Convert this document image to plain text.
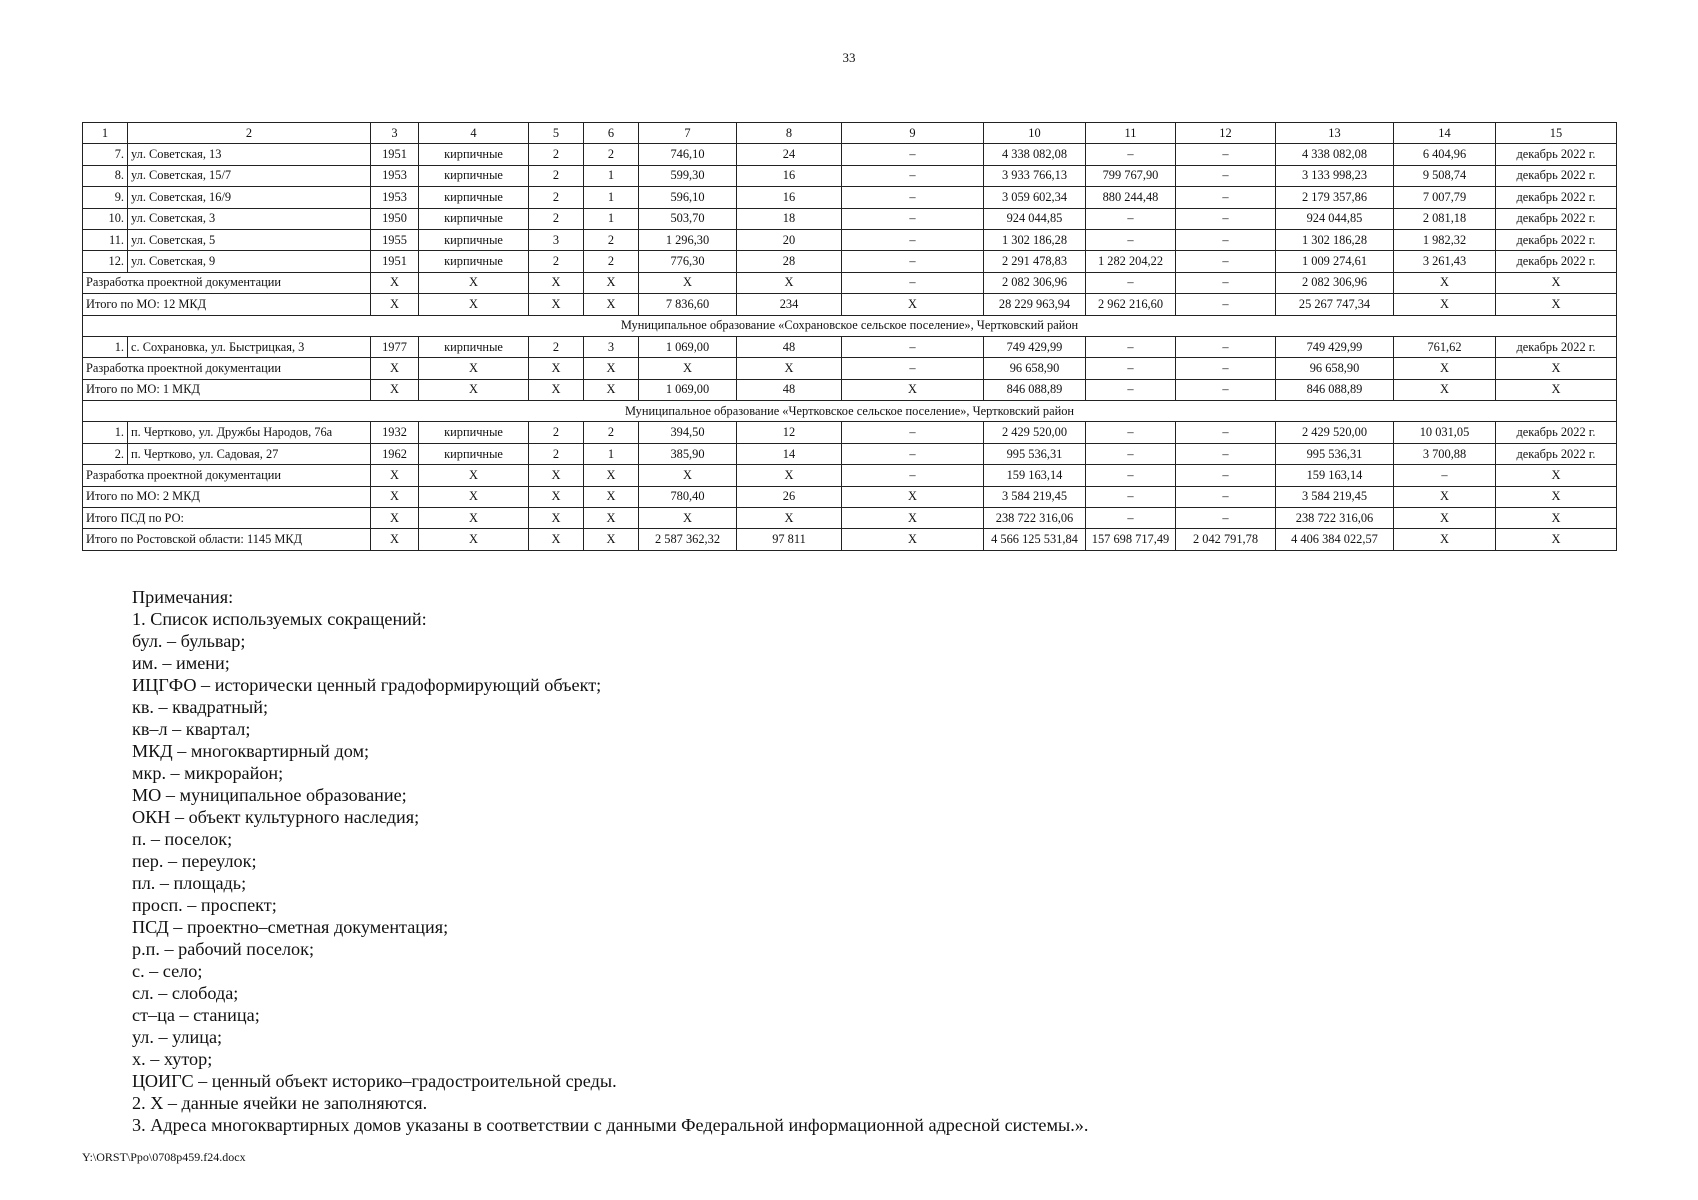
33
1	2	3	4	5	6	7	8	9	10	11	12	13	14	15
7.	ул. Советская, 13	1951	кирпичные	2	2	746,10	24	–	4 338 082,08	–	–	4 338 082,08	6 404,96	декабрь 2022 г.
8.	ул. Советская, 15/7	1953	кирпичные	2	1	599,30	16	–	3 933 766,13	799 767,90	–	3 133 998,23	9 508,74	декабрь 2022 г.
9.	ул. Советская, 16/9	1953	кирпичные	2	1	596,10	16	–	3 059 602,34	880 244,48	–	2 179 357,86	7 007,79	декабрь 2022 г.
10.	ул. Советская, 3	1950	кирпичные	2	1	503,70	18	–	924 044,85	–	–	924 044,85	2 081,18	декабрь 2022 г.
11.	ул. Советская, 5	1955	кирпичные	3	2	1 296,30	20	–	1 302 186,28	–	–	1 302 186,28	1 982,32	декабрь 2022 г.
12.	ул. Советская, 9	1951	кирпичные	2	2	776,30	28	–	2 291 478,83	1 282 204,22	–	1 009 274,61	3 261,43	декабрь 2022 г.
Разработка проектной документации		X	X	X	X	X	X	–	2 082 306,96	–	–	2 082 306,96	X	X
Итого по МО: 12 МКД		X	X	X	X	7 836,60	234	X	28 229 963,94	2 962 216,60	–	25 267 747,34	X	X
Муниципальное образование «Сохрановское сельское поселение», Чертковский район														
1.	с. Сохрановка, ул. Быстрицкая, 3	1977	кирпичные	2	3	1 069,00	48	–	749 429,99	–	–	749 429,99	761,62	декабрь 2022 г.
Разработка проектной документации		X	X	X	X	X	X	–	96 658,90	–	–	96 658,90	X	X
Итого по МО: 1 МКД		X	X	X	X	1 069,00	48	X	846 088,89	–	–	846 088,89	X	X
Муниципальное образование «Чертковское сельское поселение», Чертковский район														
1.	п. Чертково, ул. Дружбы Народов, 76а	1932	кирпичные	2	2	394,50	12	–	2 429 520,00	–	–	2 429 520,00	10 031,05	декабрь 2022 г.
2.	п. Чертково, ул. Садовая, 27	1962	кирпичные	2	1	385,90	14	–	995 536,31	–	–	995 536,31	3 700,88	декабрь 2022 г.
Разработка проектной документации		X	X	X	X	X	X	–	159 163,14	–	–	159 163,14	–	X
Итого по МО: 2 МКД		X	X	X	X	780,40	26	X	3 584 219,45	–	–	3 584 219,45	X	X
Итого ПСД по РО:		X	X	X	X	X	X	X	238 722 316,06	–	–	238 722 316,06	X	X
Итого по Ростовской области: 1145 МКД		X	X	X	X	2 587 362,32	97 811	X	4 566 125 531,84	157 698 717,49	2 042 791,78	4 406 384 022,57	X	X
Примечания:
1. Список используемых сокращений:
бул. – бульвар;
им. – имени;
ИЦГФО – исторически ценный градоформирующий объект;
кв. – квадратный;
кв–л – квартал;
МКД – многоквартирный дом;
мкр. – микрорайон;
МО – муниципальное образование;
ОКН – объект культурного наследия;
п. – поселок;
пер. – переулок;
пл. – площадь;
просп. – проспект;
ПСД – проектно–сметная документация;
р.п. – рабочий поселок;
с. – село;
сл. – слобода;
ст–ца – станица;
ул. – улица;
х. – хутор;
ЦОИГС – ценный объект историко–градостроительной среды.
2. X – данные ячейки не заполняются.
3. Адреса многоквартирных домов указаны в соответствии с данными Федеральной информационной адресной системы.».
Y:\ORST\Ppo\0708p459.f24.docx
